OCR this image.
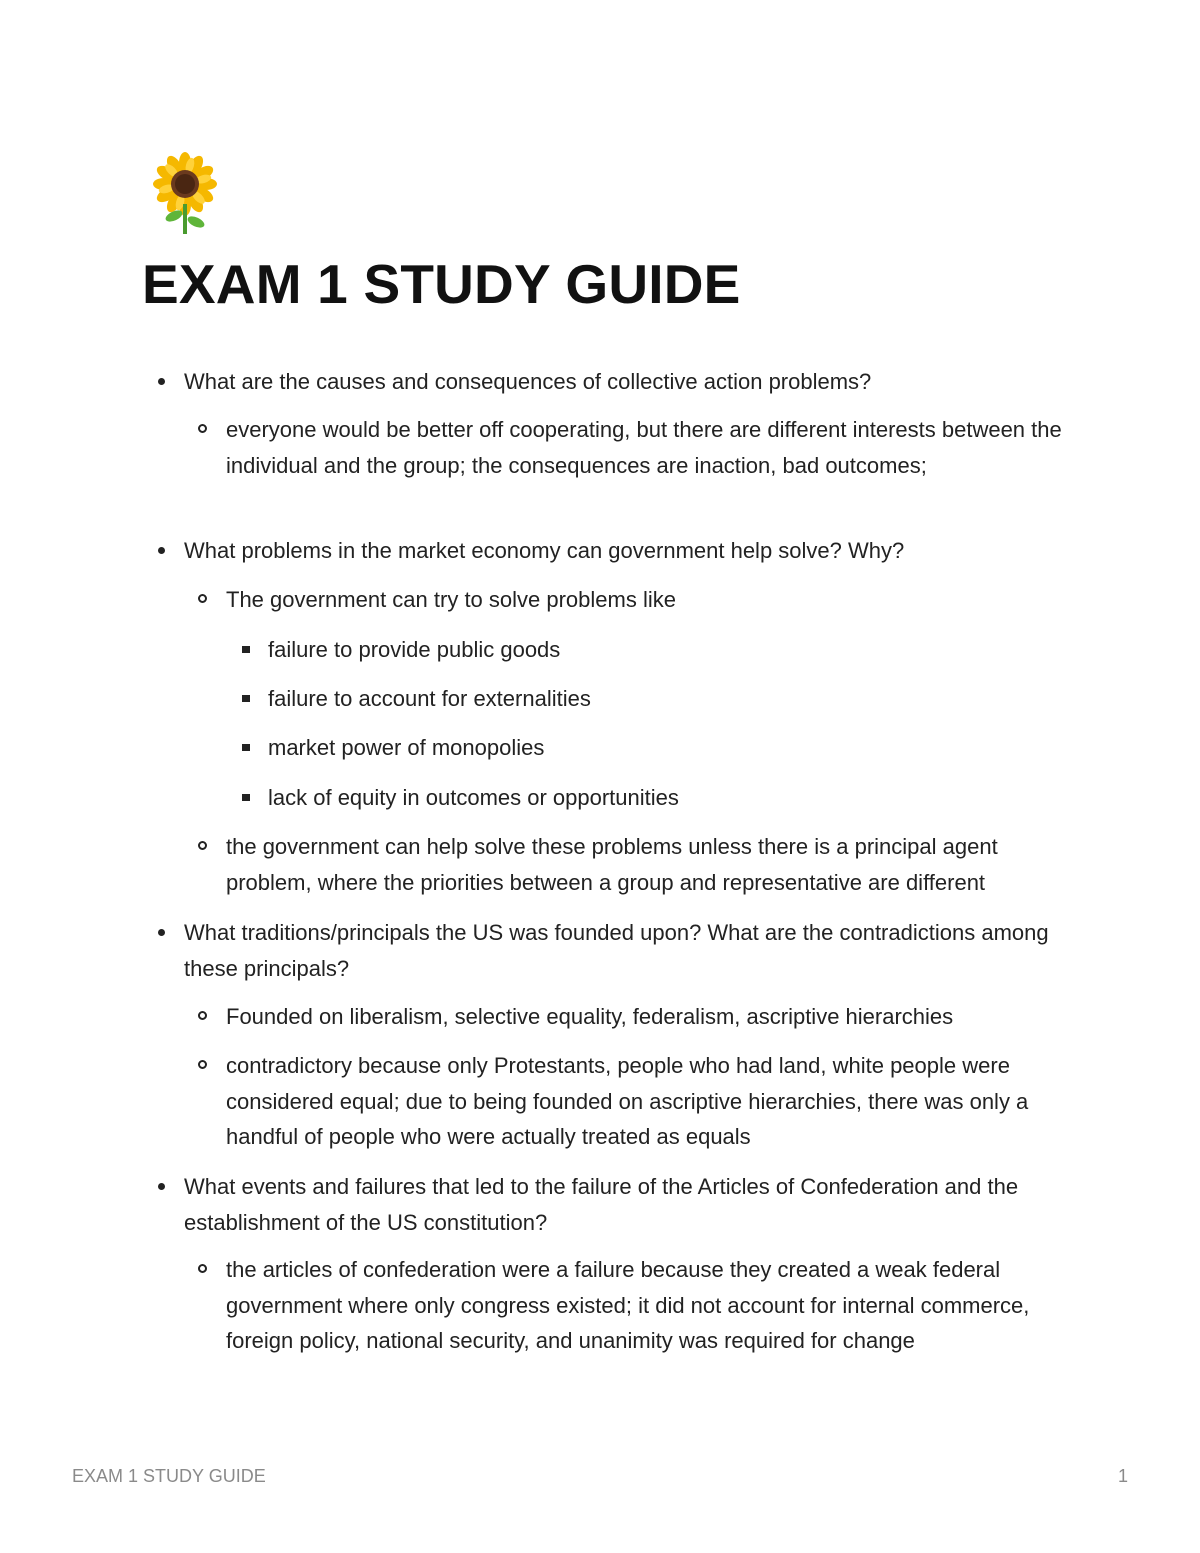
EXAM 1 STUDY GUIDE
What are the causes and consequences of collective action problems?
everyone would be better off cooperating, but there are different interests between the individual and the group; the consequences are inaction, bad outcomes;
What problems in the market economy can government help solve? Why?
The government can try to solve problems like
failure to provide public goods
failure to account for externalities
market power of monopolies
lack of equity in outcomes or opportunities
the government can help solve these problems unless there is a principal agent problem, where the priorities between a group and representative are different
What traditions/principals the US was founded upon? What are the contradictions among these principals?
Founded on liberalism, selective equality, federalism, ascriptive hierarchies
contradictory because only Protestants, people who had land, white people were considered equal; due to being founded on ascriptive hierarchies, there was only a handful of people who were actually treated as equals
What events and failures that led to the failure of the Articles of Confederation and the establishment of the US constitution?
the articles of confederation were a failure because they created a weak federal government where only congress existed; it did not account for internal commerce, foreign policy, national security, and unanimity was required for change
EXAM 1 STUDY GUIDE	1
